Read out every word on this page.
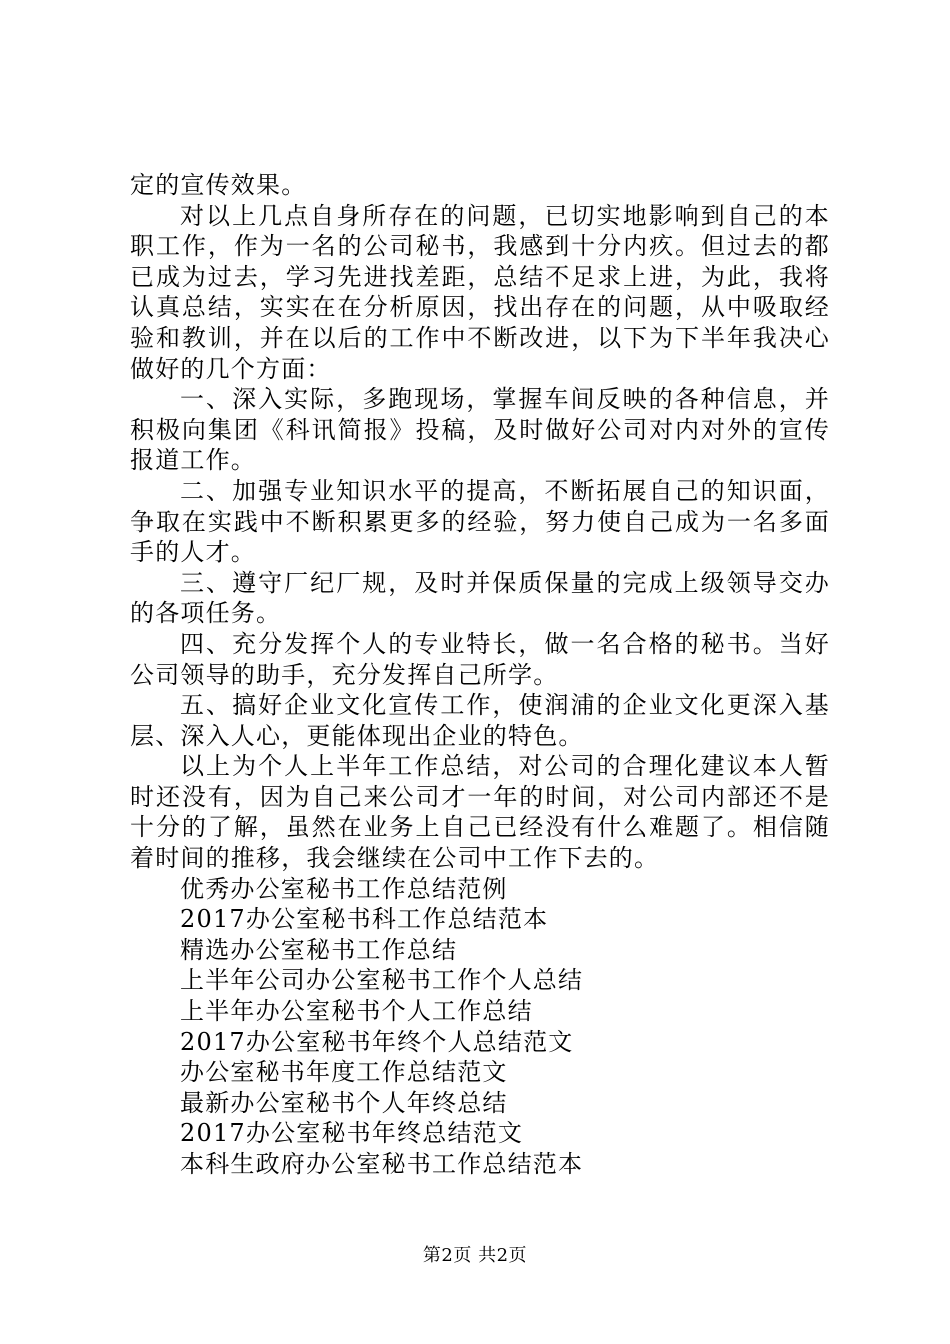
定的宣传效果。

对以上几点自身所存在的问题，已切实地影响到自己的本职工作，作为一名的公司秘书，我感到十分内疚。但过去的都已成为过去，学习先进找差距，总结不足求上进，为此，我将认真总结，实实在在分析原因，找出存在的问题，从中吸取经验和教训，并在以后的工作中不断改进，以下为下半年我决心做好的几个方面：

一、深入实际，多跑现场，掌握车间反映的各种信息，并积极向集团《科讯简报》投稿，及时做好公司对内对外的宣传报道工作。

二、加强专业知识水平的提高，不断拓展自己的知识面，争取在实践中不断积累更多的经验，努力使自己成为一名多面手的人才。

三、遵守厂纪厂规，及时并保质保量的完成上级领导交办的各项任务。

四、充分发挥个人的专业特长，做一名合格的秘书。当好公司领导的助手，充分发挥自己所学。

五、搞好企业文化宣传工作，使润浦的企业文化更深入基层、深入人心，更能体现出企业的特色。

以上为个人上半年工作总结，对公司的合理化建议本人暂时还没有，因为自己来公司才一年的时间，对公司内部还不是十分的了解，虽然在业务上自己已经没有什么难题了。相信随着时间的推移，我会继续在公司中工作下去的。

优秀办公室秘书工作总结范例
2017办公室秘书科工作总结范本
精选办公室秘书工作总结
上半年公司办公室秘书工作个人总结
上半年办公室秘书个人工作总结
2017办公室秘书年终个人总结范文
办公室秘书年度工作总结范文
最新办公室秘书个人年终总结
2017办公室秘书年终总结范文
本科生政府办公室秘书工作总结范本
第2页 共2页
